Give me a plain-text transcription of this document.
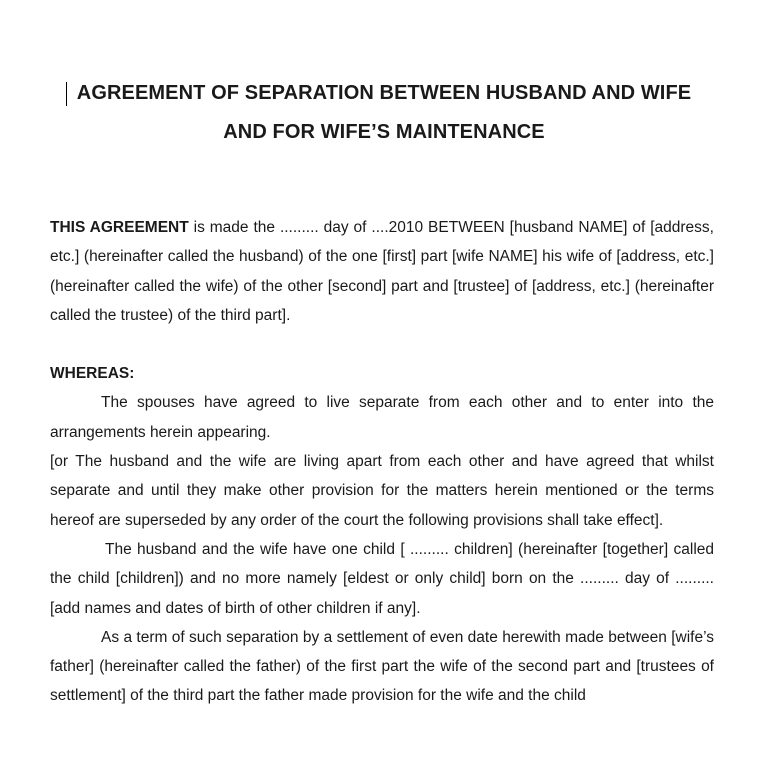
AGREEMENT OF SEPARATION BETWEEN HUSBAND AND WIFE AND FOR WIFE’S MAINTENANCE

THIS AGREEMENT is made the ......... day of ....2010 BETWEEN [husband NAME] of [address, etc.] (hereinafter called the husband) of the one [first] part [wife NAME] his wife of [address, etc.] (hereinafter called the wife) of the other [second] part and [trustee] of [address, etc.] (hereinafter called the trustee) of the third part].

WHEREAS:

The spouses have agreed to live separate from each other and to enter into the arrangements herein appearing.

[or The husband and the wife are living apart from each other and have agreed that whilst separate and until they make other provision for the matters herein mentioned or the terms hereof are superseded by any order of the court the following provisions shall take effect].

The husband and the wife have one child [ ......... children] (hereinafter [together] called the child [children]) and no more namely [eldest or only child] born on the ......... day of ......... [add names and dates of birth of other children if any].

As a term of such separation by a settlement of even date herewith made between [wife’s father] (hereinafter called the father) of the first part the wife of the second part and [trustees of settlement] of the third part the father made provision for the wife and the child
